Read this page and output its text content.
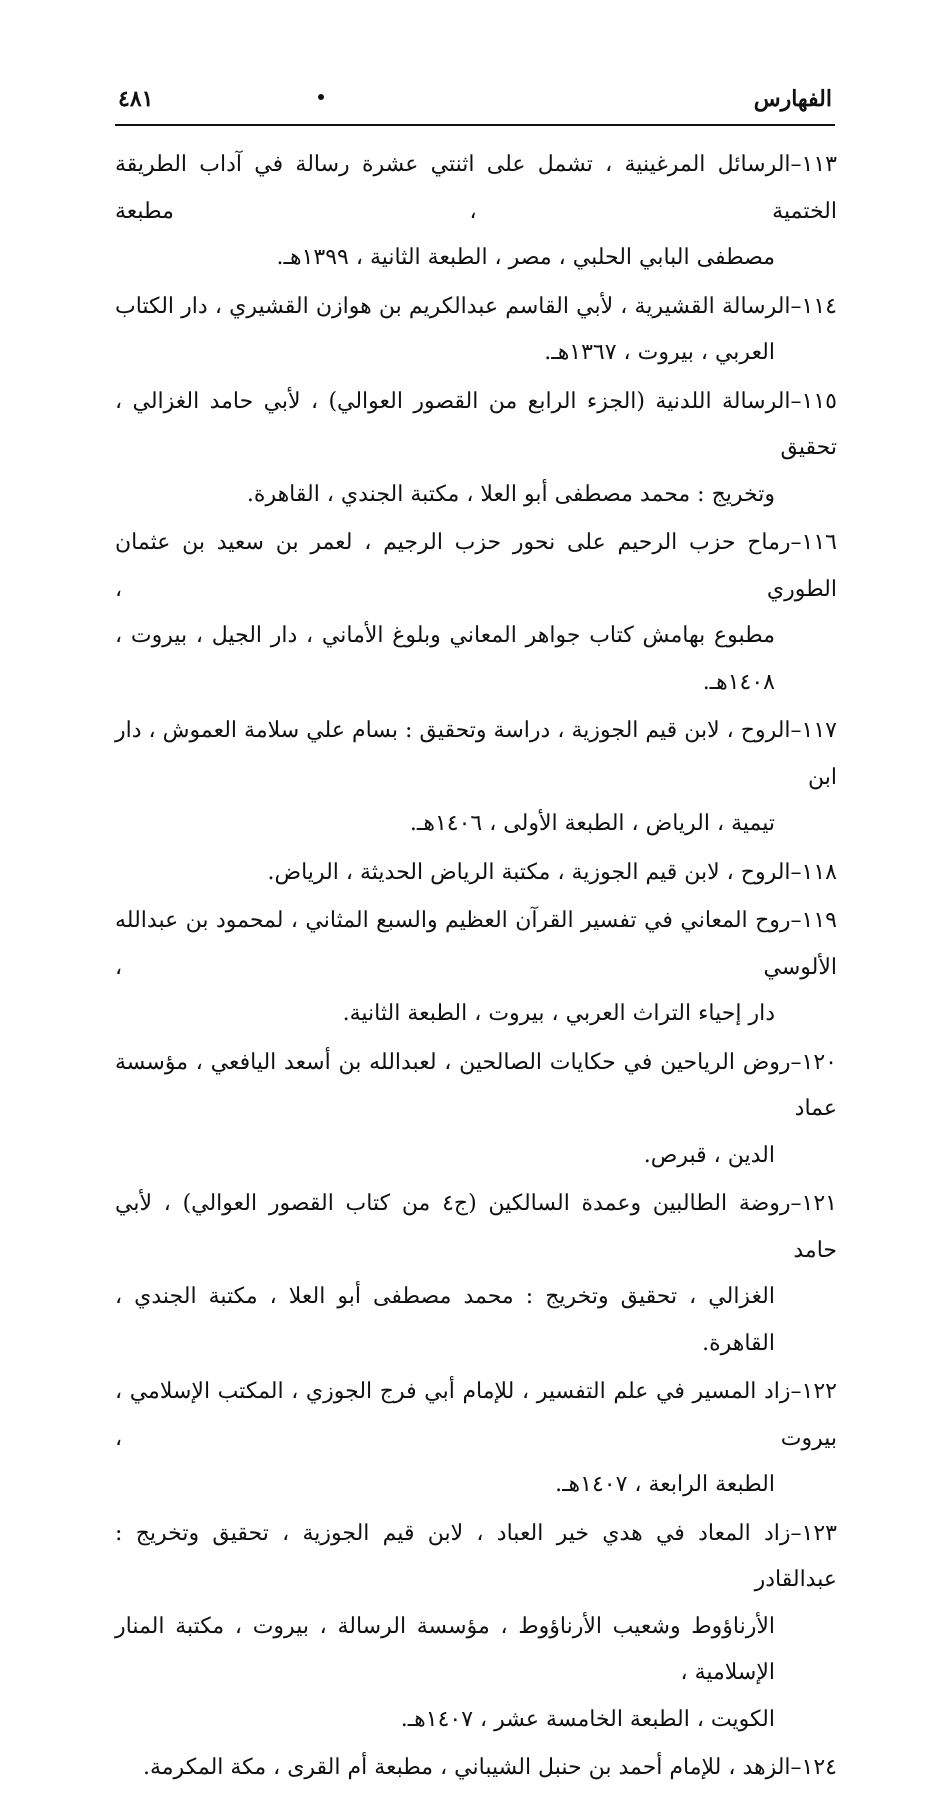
الفهارس
٤٨١
١١٣–الرسائل المرغينية ، تشمل على اثنتي عشرة رسالة في آداب الطريقة الختمية ، مطبعة
مصطفى البابي الحلبي ، مصر ، الطبعة الثانية ، ١٣٩٩هـ.
١١٤–الرسالة القشيرية ، لأبي القاسم عبدالكريم بن هوازن القشيري ، دار الكتاب
العربي ، بيروت ، ١٣٦٧هـ.
١١٥–الرسالة اللدنية (الجزء الرابع من القصور العوالي) ، لأبي حامد الغزالي ، تحقيق
وتخريج : محمد مصطفى أبو العلا ، مكتبة الجندي ، القاهرة.
١١٦–رماح حزب الرحيم على نحور حزب الرجيم ، لعمر بن سعيد بن عثمان الطوري ،
مطبوع بهامش كتاب جواهر المعاني وبلوغ الأماني ، دار الجيل ، بيروت ، ١٤٠٨هـ.
١١٧–الروح ، لابن قيم الجوزية ، دراسة وتحقيق : بسام علي سلامة العموش ، دار ابن
تيمية ، الرياض ، الطبعة الأولى ، ١٤٠٦هـ.
١١٨–الروح ، لابن قيم الجوزية ، مكتبة الرياض الحديثة ، الرياض.
١١٩–روح المعاني في تفسير القرآن العظيم والسبع المثاني ، لمحمود بن عبدالله الألوسي ،
دار إحياء التراث العربي ، بيروت ، الطبعة الثانية.
١٢٠–روض الرياحين في حكايات الصالحين ، لعبدالله بن أسعد اليافعي ، مؤسسة عماد
الدين ، قبرص.
١٢١–روضة الطالبين وعمدة السالكين (ج٤ من كتاب القصور العوالي) ، لأبي حامد
الغزالي ، تحقيق وتخريج : محمد مصطفى أبو العلا ، مكتبة الجندي ، القاهرة.
١٢٢–زاد المسير في علم التفسير ، للإمام أبي فرج الجوزي ، المكتب الإسلامي ، بيروت ،
الطبعة الرابعة ، ١٤٠٧هـ.
١٢٣–زاد المعاد في هدي خير العباد ، لابن قيم الجوزية ، تحقيق وتخريج : عبدالقادر
الأرناؤوط وشعيب الأرناؤوط ، مؤسسة الرسالة ، بيروت ، مكتبة المنار الإسلامية ،
الكويت ، الطبعة الخامسة عشر ، ١٤٠٧هـ.
١٢٤–الزهد ، للإمام أحمد بن حنبل الشيباني ، مطبعة أم القرى ، مكة المكرمة.
